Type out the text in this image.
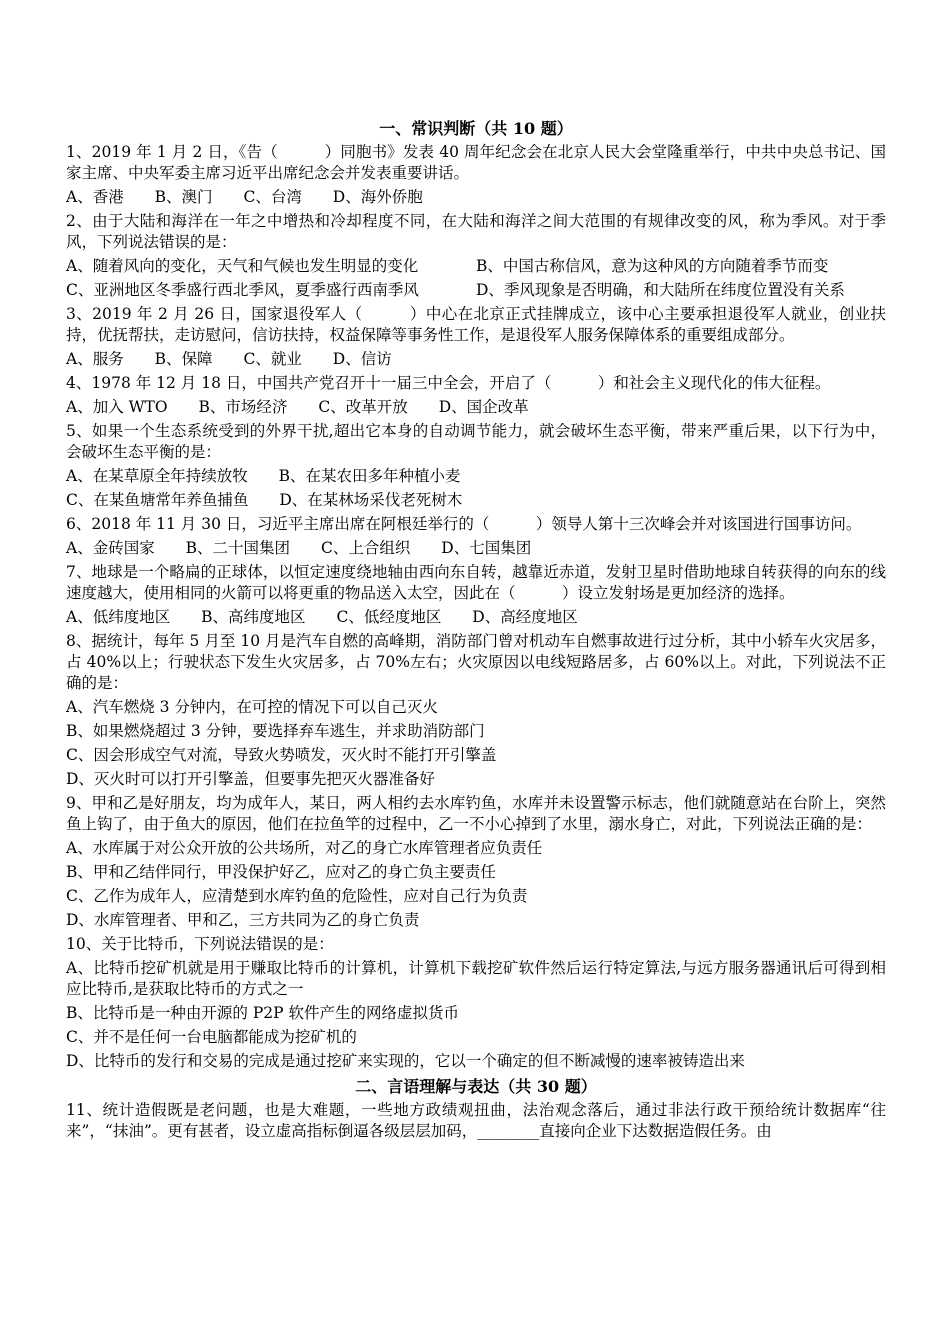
一、常识判断（共 10 题）
1、2019 年 1 月 2 日，《告（　　　）同胞书》发表 40 周年纪念会在北京人民大会堂隆重举行，中共中央总书记、国家主席、中央军委主席习近平出席纪念会并发表重要讲话。
A、香港 B、澳门 C、台湾 D、海外侨胞
2、由于大陆和海洋在一年之中增热和冷却程度不同，在大陆和海洋之间大范围的有规律改变的风，称为季风。对于季风，下列说法错误的是：
A、随着风向的变化，天气和气候也发生明显的变化	B、中国古称信风，意为这种风的方向随着季节而变
C、亚洲地区冬季盛行西北季风，夏季盛行西南季风	D、季风现象是否明确，和大陆所在纬度位置没有关系
3、2019 年 2 月 26 日，国家退役军人（　　　）中心在北京正式挂牌成立，该中心主要承担退役军人就业，创业扶持，优抚帮扶，走访慰问，信访扶持，权益保障等事务性工作，是退役军人服务保障体系的重要组成部分。
A、服务 B、保障 C、就业 D、信访
4、1978 年 12 月 18 日，中国共产党召开十一届三中全会，开启了（　　　）和社会主义现代化的伟大征程。
A、加入 WTO B、市场经济 C、改革开放 D、国企改革
5、如果一个生态系统受到的外界干扰,超出它本身的自动调节能力，就会破坏生态平衡，带来严重后果，以下行为中，会破坏生态平衡的是：
A、在某草原全年持续放牧 B、在某农田多年种植小麦
C、在某鱼塘常年养鱼捕鱼 D、在某林场采伐老死树木
6、2018 年 11 月 30 日，习近平主席出席在阿根廷举行的（　　　）领导人第十三次峰会并对该国进行国事访问。
A、金砖国家 B、二十国集团 C、上合组织 D、七国集团
7、地球是一个略扁的正球体，以恒定速度绕地轴由西向东自转，越靠近赤道，发射卫星时借助地球自转获得的向东的线速度越大，使用相同的火箭可以将更重的物品送入太空，因此在（　　　）设立发射场是更加经济的选择。
A、低纬度地区 B、高纬度地区 C、低经度地区 D、高经度地区
8、据统计，每年 5 月至 10 月是汽车自燃的高峰期，消防部门曾对机动车自燃事故进行过分析，其中小轿车火灾居多，占 40%以上；行驶状态下发生火灾居多，占 70%左右；火灾原因以电线短路居多，占 60%以上。对此，下列说法不正确的是：
A、汽车燃烧 3 分钟内，在可控的情况下可以自己灭火
B、如果燃烧超过 3 分钟，要选择弃车逃生，并求助消防部门
C、因会形成空气对流，导致火势喷发，灭火时不能打开引擎盖
D、灭火时可以打开引擎盖，但要事先把灭火器准备好
9、甲和乙是好朋友，均为成年人，某日，两人相约去水库钓鱼，水库并未设置警示标志，他们就随意站在台阶上，突然鱼上钩了，由于鱼大的原因，他们在拉鱼竿的过程中，乙一不小心掉到了水里，溺水身亡，对此，下列说法正确的是：
A、水库属于对公众开放的公共场所，对乙的身亡水库管理者应负责任
B、甲和乙结伴同行，甲没保护好乙，应对乙的身亡负主要责任
C、乙作为成年人，应清楚到水库钓鱼的危险性，应对自己行为负责
D、水库管理者、甲和乙，三方共同为乙的身亡负责
10、关于比特币，下列说法错误的是：
A、比特币挖矿机就是用于赚取比特币的计算机，计算机下载挖矿软件然后运行特定算法,与远方服务器通讯后可得到相应比特币,是获取比特币的方式之一
B、比特币是一种由开源的 P2P 软件产生的网络虚拟货币
C、并不是任何一台电脑都能成为挖矿机的
D、比特币的发行和交易的完成是通过挖矿来实现的，它以一个确定的但不断减慢的速率被铸造出来
二、言语理解与表达（共 30 题）
11、统计造假既是老问题，也是大难题，一些地方政绩观扭曲，法治观念落后，通过非法行政干预给统计数据库“往来”，“抹油”。更有甚者，设立虚高指标倒逼各级层层加码，________直接向企业下达数据造假任务。由
